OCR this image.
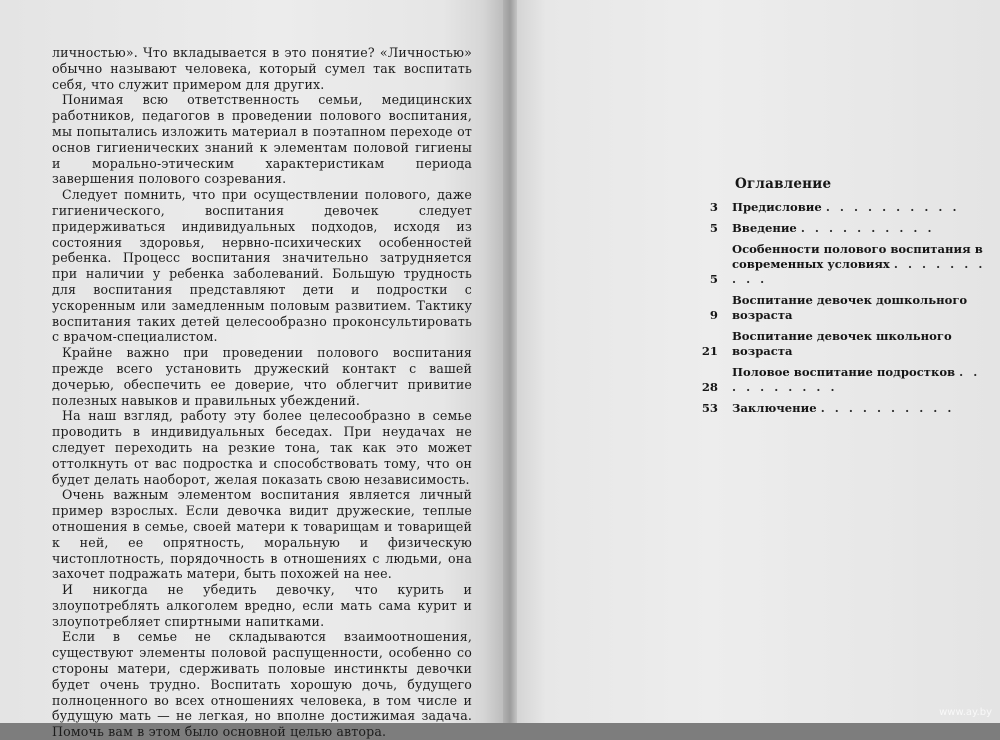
личностью». Что вкладывается в это понятие? «Личностью» обычно называют человека, который сумел так воспитать себя, что служит примером для других.

Понимая всю ответственность семьи, медицинских работников, педагогов в проведении полового воспитания, мы попытались изложить материал в поэтапном переходе от основ гигиенических знаний к элементам половой гигиены и морально-этическим характеристикам периода завершения полового созревания.

Следует помнить, что при осуществлении полового, даже гигиенического, воспитания девочек следует придерживаться индивидуальных подходов, исходя из состояния здоровья, нервно-психических особенностей ребенка. Процесс воспитания значительно затрудняется при наличии у ребенка заболеваний. Большую трудность для воспитания представляют дети и подростки с ускоренным или замедленным половым развитием. Тактику воспитания таких детей целесообразно проконсультировать с врачом-специалистом.

Крайне важно при проведении полового воспитания прежде всего установить дружеский контакт с вашей дочерью, обеспечить ее доверие, что облегчит привитие полезных навыков и правильных убеждений.

На наш взгляд, работу эту более целесообразно в семье проводить в индивидуальных беседах. При неудачах не следует переходить на резкие тона, так как это может оттолкнуть от вас подростка и способствовать тому, что он будет делать наоборот, желая показать свою независимость.

Очень важным элементом воспитания является личный пример взрослых. Если девочка видит дружеские, теплые отношения в семье, своей матери к товарищам и товарищей к ней, ее опрятность, моральную и физическую чистоплотность, порядочность в отношениях с людьми, она захочет подражать матери, быть похожей на нее.

И никогда не убедить девочку, что курить и злоупотреблять алкоголем вредно, если мать сама курит и злоупотребляет спиртными напитками.

Если в семье не складываются взаимоотношения, существуют элементы половой распущенности, особенно со стороны матери, сдерживать половые инстинкты девочки будет очень трудно. Воспитать хорошую дочь, будущего полноценного во всех отношениях человека, в том числе и будущую мать — не легкая, но вполне достижимая задача. Помочь вам в этом было основной целью автора.

Оглавление
3 Предисловие . . . . . . . . . .
5 Введение . . . . . . . . . .
5
Особенности полового воспитания в современных условиях . . . . . . . . . .
9
Воспитание девочек дошкольного возраста
21
Воспитание девочек школьного возраста
28
Половое воспитание подростков . . . . . . . . . .
53 Заключение . . . . . . . . . .
www.ay.by
